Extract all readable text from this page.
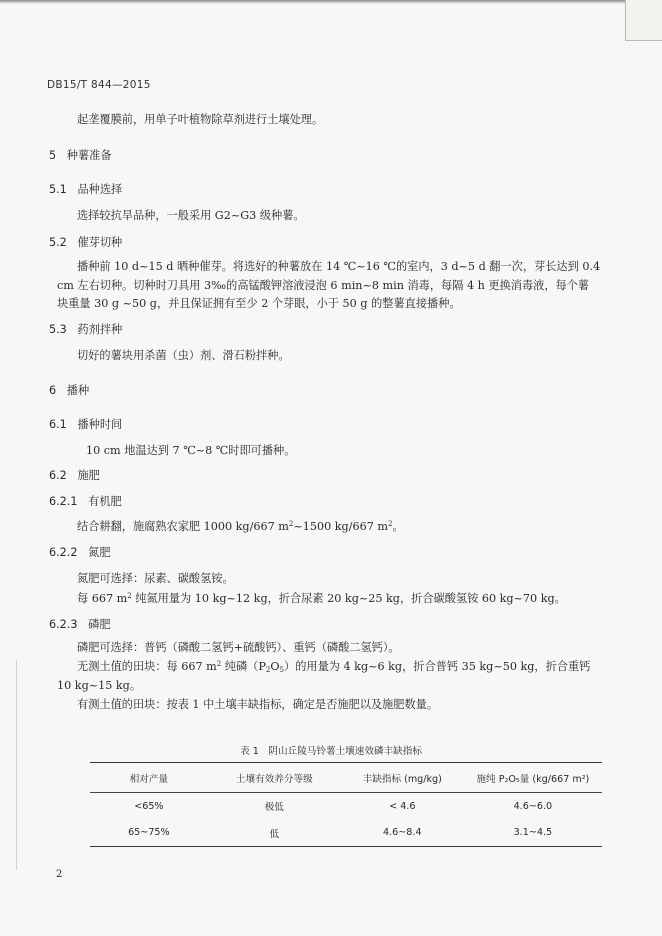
DB15/T 844—2015
起垄覆膜前，用单子叶植物除草剂进行土壤处理。
5 种薯准备
5.1 品种选择
选择较抗旱品种，一般采用 G2~G3 级种薯。
5.2 催芽切种
播种前 10 d~15 d 晒种催芽。将选好的种薯放在 14 ℃~16 ℃的室内，3 d~5 d 翻一次，芽长达到 0.4
cm 左右切种。切种时刀具用 3‰的高锰酸钾溶液浸泡 6 min~8 min 消毒，每隔 4 h 更换消毒液，每个薯
块重量 30 g ~50 g，并且保证拥有至少 2 个芽眼，小于 50 g 的整薯直接播种。
5.3 药剂拌种
切好的薯块用杀菌（虫）剂、滑石粉拌种。
6 播种
6.1 播种时间
10 cm 地温达到 7 ℃~8 ℃时即可播种。
6.2 施肥
6.2.1 有机肥
结合耕翻，施腐熟农家肥 1000 kg/667 $m^2\sim 1500$ kg/667 $m^2$。
6.2.2 氮肥
氮肥可选择：尿素、碳酸氢铵。
每 667 $m^2$ 纯氮用量为 10 kg~12 kg，折合尿素 20 kg~25 kg，折合碳酸氢铵 60 kg~70 kg。
6.2.3 磷肥
磷肥可选择：普钙（磷酸二氢钙+硫酸钙）、重钙（磷酸二氢钙）。
无测土值的田块：每 667 $m^2$ 纯磷$(P_2O_5)$的用量为 4 kg~6 kg，折合普钙 35 kg~50 kg，折合重钙
10 kg~15 kg。
有测土值的田块：按表 1 中土壤丰缺指标，确定是否施肥以及施肥数量。
表 1　阴山丘陵马铃薯土壤速效磷丰缺指标
相对产量	土壤有效养分等级	丰缺指标 (mg/kg)	施纯 P₂O₅量 (kg/667 m²)
<65%	极低	< 4.6	4.6~6.0
65~75%	低	4.6~8.4	3.1~4.5
2
